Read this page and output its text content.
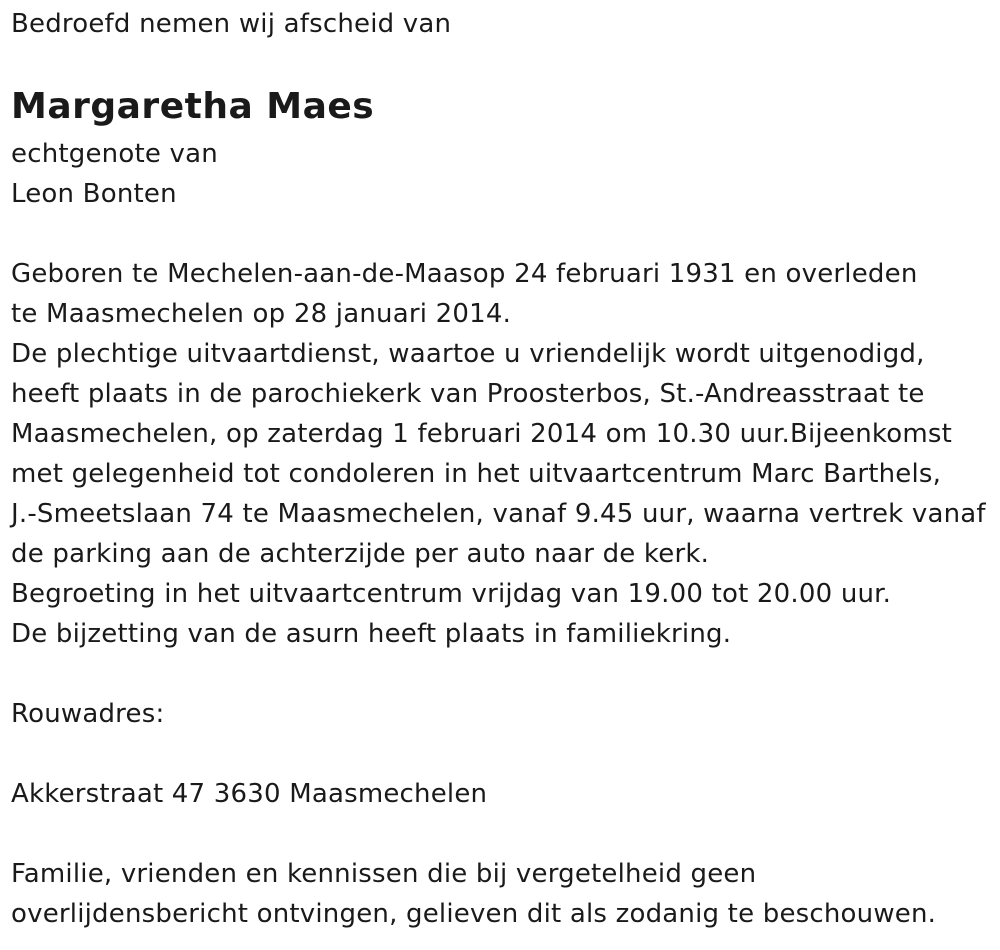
Bedroefd nemen wij afscheid van
Margaretha Maes
echtgenote van
Leon Bonten
Geboren te Mechelen-aan-de-Maasop 24 februari 1931 en overleden
te Maasmechelen op 28 januari 2014.
De plechtige uitvaartdienst, waartoe u vriendelijk wordt uitgenodigd,
heeft plaats in de parochiekerk van Proosterbos, St.-Andreasstraat te
Maasmechelen, op zaterdag 1 februari 2014 om 10.30 uur.Bijeenkomst
met gelegenheid tot condoleren in het uitvaartcentrum Marc Barthels,
J.-Smeetslaan 74 te Maasmechelen, vanaf 9.45 uur, waarna vertrek vanaf
de parking aan de achterzijde per auto naar de kerk.
Begroeting in het uitvaartcentrum vrijdag van 19.00 tot 20.00 uur.
De bijzetting van de asurn heeft plaats in familiekring.
Rouwadres:
Akkerstraat 47 3630 Maasmechelen
Familie, vrienden en kennissen die bij vergetelheid geen
overlijdensbericht ontvingen, gelieven dit als zodanig te beschouwen.
